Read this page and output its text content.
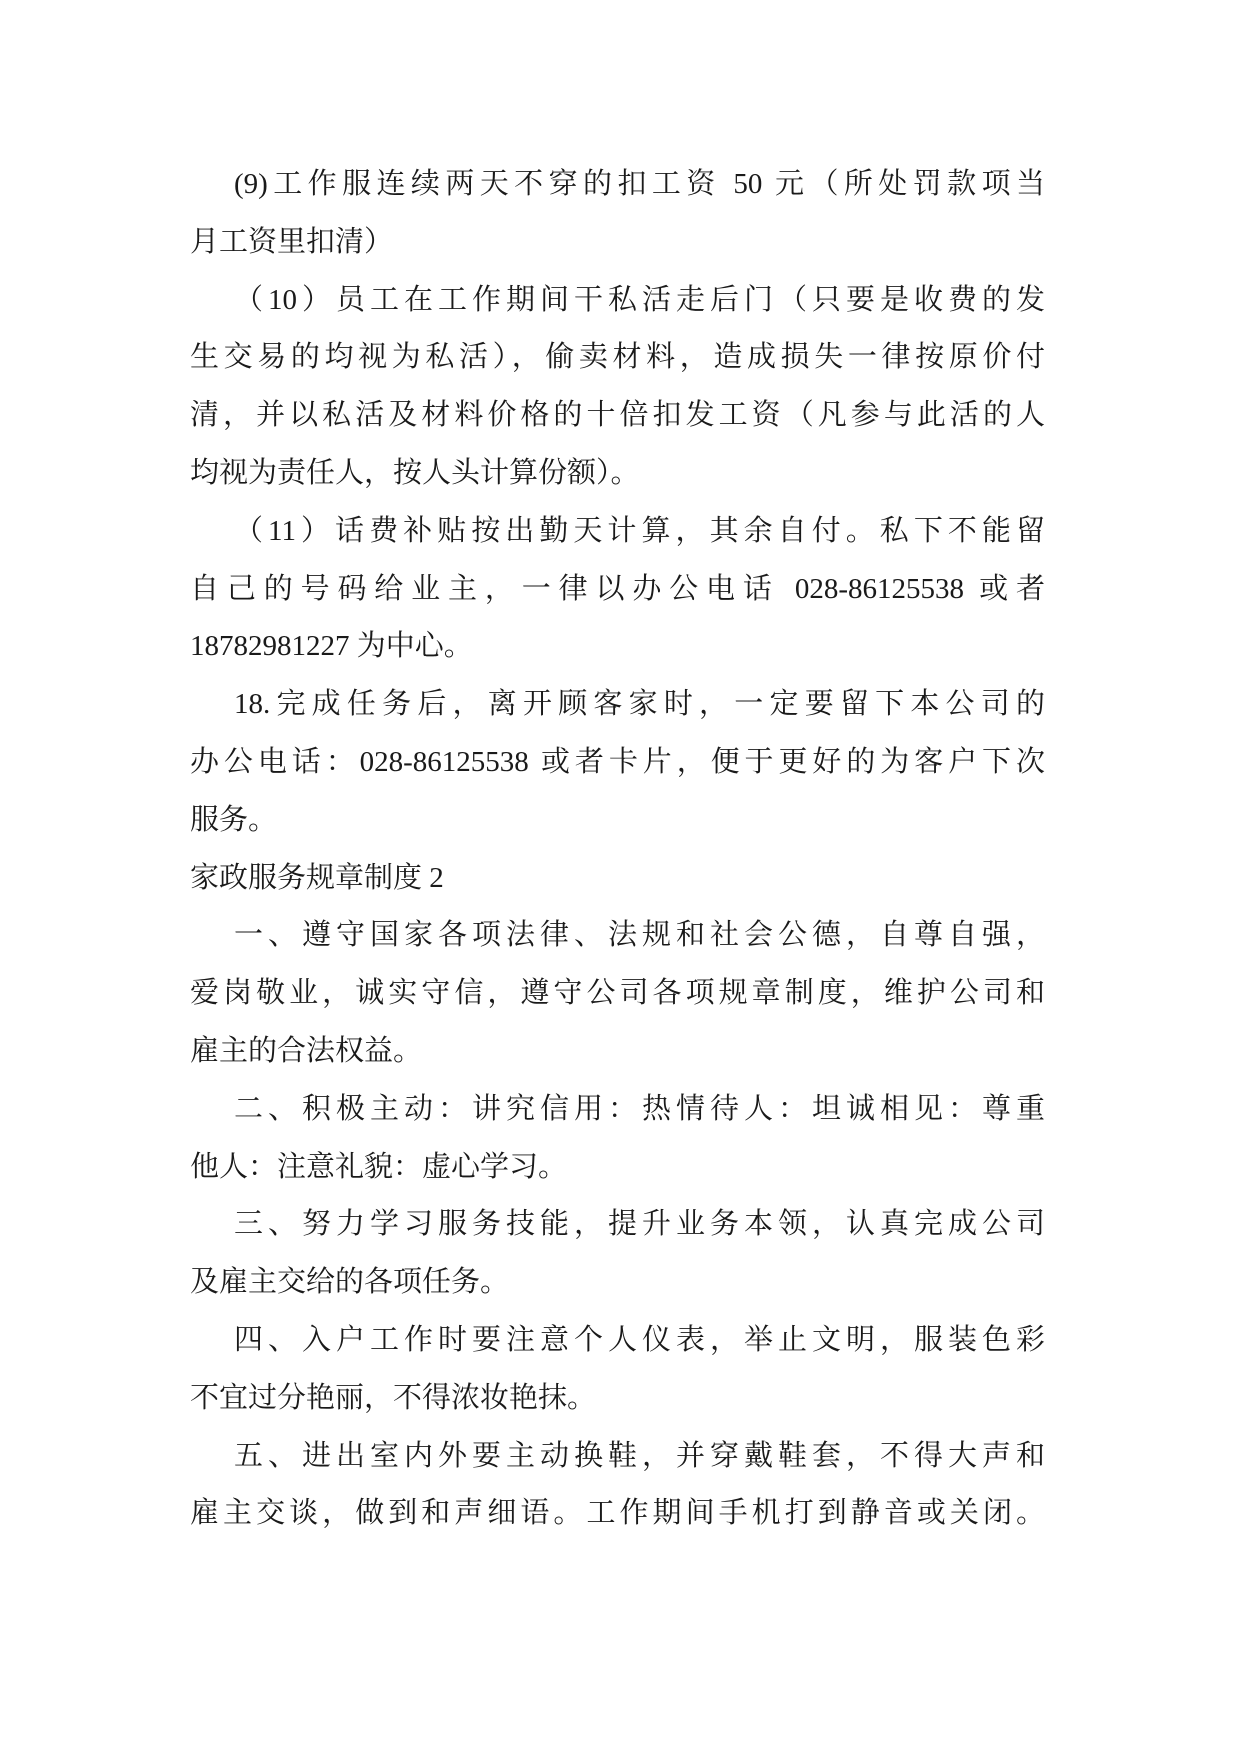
(9)工作服连续两天不穿的扣工资 50 元（所处罚款项当
月工资里扣清）
（10）员工在工作期间干私活走后门（只要是收费的发
生交易的均视为私活），偷卖材料，造成损失一律按原价付
清，并以私活及材料价格的十倍扣发工资（凡参与此活的人
均视为责任人，按人头计算份额）。
（11）话费补贴按出勤天计算，其余自付。私下不能留
自己的号码给业主，一律以办公电话 028-86125538 或者
18782981227 为中心。
18.完成任务后，离开顾客家时，一定要留下本公司的
办公电话：028-86125538 或者卡片，便于更好的为客户下次
服务。
家政服务规章制度 2
一、遵守国家各项法律、法规和社会公德，自尊自强，
爱岗敬业，诚实守信，遵守公司各项规章制度，维护公司和
雇主的合法权益。
二、积极主动：讲究信用：热情待人：坦诚相见：尊重
他人：注意礼貌：虚心学习。
三、努力学习服务技能，提升业务本领，认真完成公司
及雇主交给的各项任务。
四、入户工作时要注意个人仪表，举止文明，服装色彩
不宜过分艳丽，不得浓妆艳抹。
五、进出室内外要主动换鞋，并穿戴鞋套，不得大声和
雇主交谈，做到和声细语。工作期间手机打到静音或关闭。
